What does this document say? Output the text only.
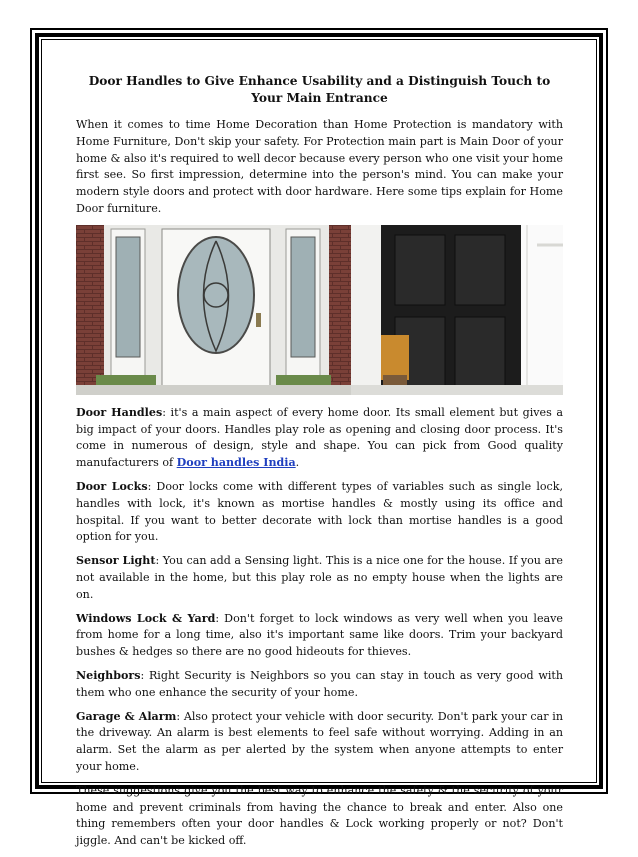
Door Handles to Give Enhance Usability and a Distinguish Touch to Your Main Entrance

When it comes to time Home Decoration than Home Protection is mandatory with Home Furniture, Don't skip your safety. For Protection main part is Main Door of your home & also it's required to well decor because every person who one visit your home first see. So first impression, determine into the person's mind. You can make your modern style doors and protect with door hardware. Here some tips explain for Home Door furniture.

Door Handles: it's a main aspect of every home door. Its small element but gives a big impact of your doors. Handles play role as opening and closing door process. It's come in numerous of design, style and shape. You can pick from Good quality manufacturers of Door handles India.

Door Locks: Door locks come with different types of variables such as single lock, handles with lock, it's known as mortise handles & mostly using its office and hospital. If you want to better decorate with lock than mortise handles is a good option for you.

Sensor Light: You can add a Sensing light. This is a nice one for the house. If you are not available in the home, but this play role as no empty house when the lights are on.

Windows Lock & Yard: Don't forget to lock windows as very well when you leave from home for a long time, also it's important same like doors. Trim your backyard bushes & hedges so there are no good hideouts for thieves.

Neighbors: Right Security is Neighbors so you can stay in touch as very good with them who one enhance the security of your home.

Garage & Alarm: Also protect your vehicle with door security. Don't park your car in the driveway. An alarm is best elements to feel safe without worrying. Adding in an alarm. Set the alarm as per alerted by the system when anyone attempts to enter your home.

These suggestions give you the best way to enhance the safety & the security of your home and prevent criminals from having the chance to break and enter. Also one thing remembers often your door handles & Lock working properly or not? Don't jiggle. And can't be kicked off.
